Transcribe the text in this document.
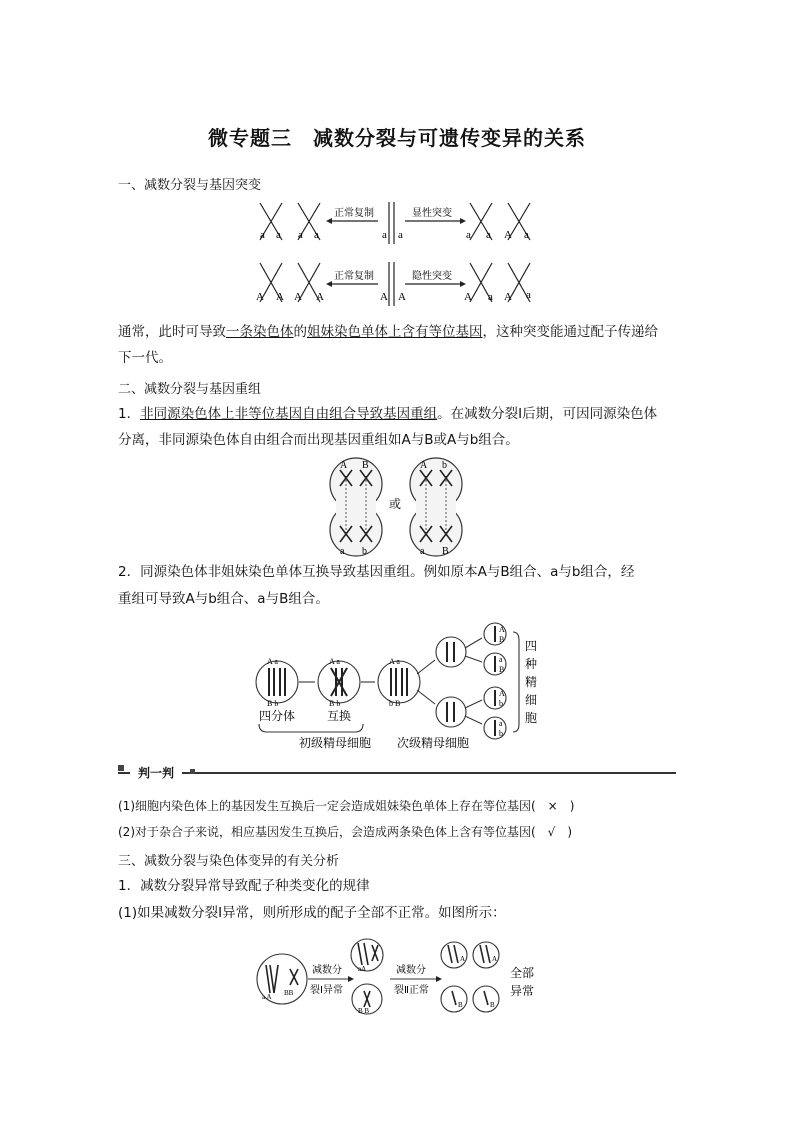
微专题三　减数分裂与可遗传变异的关系
一、减数分裂与基因突变
正常复制	显性突变
a a a a	a a	a a A a
正常复制	隐性突变
A A A A	A A	A a A a
通常，此时可导致一条染色体的姐妹染色单体上含有等位基因，这种突变能通过配子传递给
下一代。
二、减数分裂与基因重组
1．非同源染色体上非等位基因自由组合导致基因重组。在减数分裂Ⅰ后期，可因同源染色体
分离，非同源染色体自由组合而出现基因重组如A与B或A与b组合。
A B
a b
A b
a B
或
2．同源染色体非姐妹染色单体互换导致基因重组。例如原本A与B组合、a与b组合，经
重组可导致A与b组合、a与B组合。
A a
B b
A a
B b
A a
b B
A
B
a
B
A
b
a
b
四分体	互换
初级精母细胞 次级精母细胞
四
种
精
细
胞
判一判
(1)细胞内染色体上的基因发生互换后一定会造成姐妹染色单体上存在等位基因(　×　)
(2)对于杂合子来说，相应基因发生互换后，会造成两条染色体上含有等位基因(　√　)
三、减数分裂与染色体变异的有关分析
1．减数分裂异常导致配子种类变化的规律
(1)如果减数分裂Ⅰ异常，则所形成的配子全部不正常。如图所示：
a A BB
aA
B B
A	A
B	B
减数分
裂Ⅰ异常
减数分
裂Ⅱ正常
全部
异常
